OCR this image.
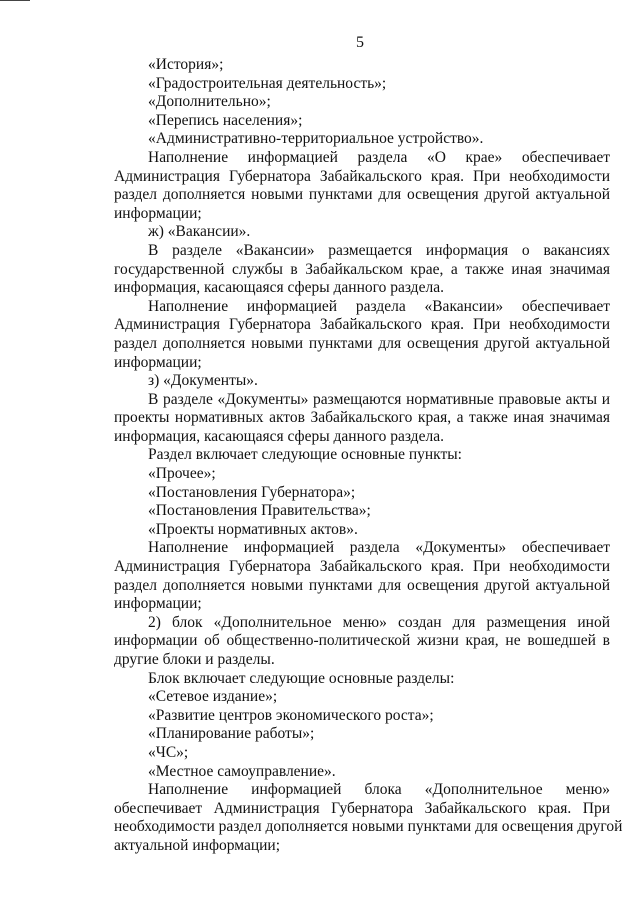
5
«История»;
«Градостроительная деятельность»;
«Дополнительно»;
«Перепись населения»;
«Административно-территориальное устройство».
Наполнение информацией раздела «О крае» обеспечивает
Администрация Губернатора Забайкальского края. При необходимости
раздел дополняется новыми пунктами для освещения другой актуальной
информации;
ж) «Вакансии».
В разделе «Вакансии» размещается информация о вакансиях
государственной службы в Забайкальском крае, а также иная значимая
информация, касающаяся сферы данного раздела.
Наполнение информацией раздела «Вакансии» обеспечивает
Администрация Губернатора Забайкальского края. При необходимости
раздел дополняется новыми пунктами для освещения другой актуальной
информации;
з) «Документы».
В разделе «Документы» размещаются нормативные правовые акты и
проекты нормативных актов Забайкальского края, а также иная значимая
информация, касающаяся сферы данного раздела.
Раздел включает следующие основные пункты:
«Прочее»;
«Постановления Губернатора»;
«Постановления Правительства»;
«Проекты нормативных актов».
Наполнение информацией раздела «Документы» обеспечивает
Администрация Губернатора Забайкальского края. При необходимости
раздел дополняется новыми пунктами для освещения другой актуальной
информации;
2) блок «Дополнительное меню» создан для размещения иной
информации об общественно-политической жизни края, не вошедшей в
другие блоки и разделы.
Блок включает следующие основные разделы:
«Сетевое издание»;
«Развитие центров экономического роста»;
«Планирование работы»;
«ЧС»;
«Местное самоуправление».
Наполнение информацией блока «Дополнительное меню»
обеспечивает Администрация Губернатора Забайкальского края. При
необходимости раздел дополняется новыми пунктами для освещения другой
актуальной информации;
